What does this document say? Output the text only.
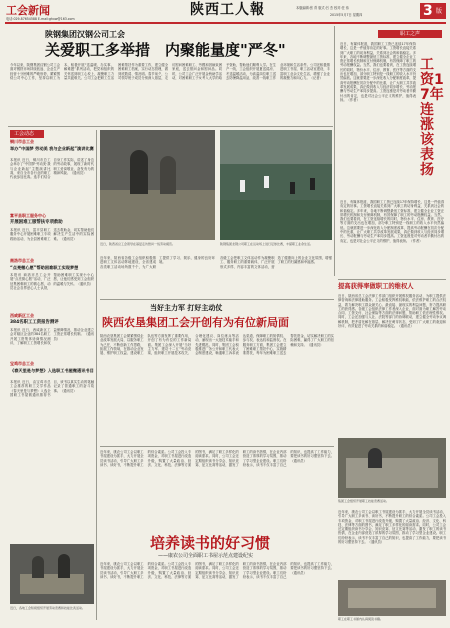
工会新闻	陕西工人報	本版编辑:张 青 版式:吕 杰 校对:任 伟
2015年5月7日 星期四	3 版
电话:029-87654588 E-mail:ghxw@163.com
陕钢集团汉钢公司工会
关爱职工多举措　内聚能量度"严冬"
今年以来，陕钢集团汉钢公司工会面对钢铁市场持续低迷、企业生产经营十分困难的严峻形势，紧紧围绕公司中心工作，坚持以职工为本，积极开展“送温暖、办实事、解难题”系列活动，把党和组织的关怀送到职工心坎上，凝聚职工力量共渡难关。公司工会把职工生活困难帮扶作为重要工作，建立健全困难职工档案，实行动态管理，做到底数清、情况明。春节前夕，公司领导班子成员分别深入基层，走访慰问困难职工、劳模和因病致困家庭，送去慰问金和慰问品。同时，公司工会广泛开展金秋助学活动，对困难职工子女考入大学的给予资助，帮助他们顺利入学。在生产一线，工会组织开展夏送清凉、冬送温暖活动，为高温岗位职工送去防暑降温用品，改善一线职工作业环境和生活条件。公司还积极推进职工书屋、职工活动室建设，丰富职工业余文化生活，增强了企业的凝聚力和向心力。（记者）
职工之声
工资17年连涨该表扬
近日，有媒体报道，我国职工工资已连续17年保持增长，这是一件值得肯定的好事。工资增长直接关系到广大职工的切身利益，关系到社会的和谐稳定。多年来，各地不断调整最低工资标准，建立健全企业工资正常增长机制和支付保障机制，有效保障了职工的劳动报酬权益。当然，我们也要看到，在工资连续增长的同时，物价水平、住房、教育、医疗等方面的支出也在增加，部分职工特别是一线职工的收入水平仍然偏低。这就需要进一步深化收入分配制度改革，提高劳动报酬在初次分配中的比重，让广大职工共享改革发展成果，真正做到收入与经济同步增长、劳动报酬与劳动生产率同步提高。工资连涨是对劳动者辛勤付出的肯定，也是对社会公平正义的维护，值得表扬。（作者）
近日，有媒体报道，我国职工工资已连续17年保持增长，这是一件值得肯定的好事。工资增长直接关系到广大职工的切身利益，关系到社会的和谐稳定。多年来，各地不断调整最低工资标准，建立健全企业工资正常增长机制和支付保障机制，有效保障了职工的劳动报酬权益。当然，我们也要看到，在工资连续增长的同时，物价水平、住房、教育、医疗等方面的支出也在增加，部分职工特别是一线职工的收入水平仍然偏低。这就需要进一步深化收入分配制度改革，提高劳动报酬在初次分配中的比重，让广大职工共享改革发展成果，真正做到收入与经济同步增长、劳动报酬与劳动生产率同步提高。工资连涨是对劳动者辛勤付出的肯定，也是对社会公平正义的维护，值得表扬。（作者）
工会动态
铜川市总工会
举办“中国梦 劳动美 我与企业新起”演讲比赛
本报讯 近日，铜川市总工会举办了“中国梦·劳动美·我与企业新起”主题演讲比赛，来自全市各行业的职工代表参加比赛。选手们结合自身工作实际，讲述了身边的劳动故事，展现了新时代职工爱岗敬业、奋发有为的精神风貌。（通讯员）
富平县职工服务中心
开展困难工服帮扶专项救助
本报讯 近日，富平县职工服务中心开展困难职工专项救助活动，为全县困难职工送去救助金，切实帮助他们解决生产生活中的实际困难。（通讯员）
商洛市总工会
“点亮微心愿”帮助困难职工实现梦想
本报讯 商洛市总工会开展“点亮微心愿”活动，广泛征集困难职工的微心愿，动员社会各界爱心人士认领，帮助困难职工实现小小心愿，让他们感受到工会组织的温暖与关怀。（通讯员）
西咸新区工会
384名职工工资报告测评
本报讯 近日，西咸新区工会对辖区企业的384名职工开展工资集体协商情况测评，了解职工工资增长和权益保障情况，推动企业建立工资正常增长机制。（通讯员）
宝鸡市总工会
《春天里是与梦想》入选职工书屋微通讯书目
本报讯 近日，由宝鸡市总工会推荐的职工文学作品《春天里是与梦想》入选全国职工书屋微通讯推荐书目，该书以真实生动的笔触记录了普通职工的奋斗故事。（通讯员）
近日，各地工会积极组织开展劳动竞赛和技能比武活动。
近日，陕西省总工会领导在基层走访慰问一线劳动模范。	陕钢集团龙钢公司职工在运动场上进行足球比赛，丰富职工业余生活。
近年来，陕西省各级工会组织积极推进职工文体活动阵地建设，全省建成各类职工活动场所数千个，为广大职工提供了学习、娱乐、健身的良好环境。
各级工会把职工文体活动作为凝聚职工、服务职工的重要载体，广泛开展形式多样、内容丰富的文体活动，营造了健康向上的企业文化氛围，增强了职工的归属感和幸福感。
提高获得率做职工的维权人
近日，陕西省总工会法律工作部门组织开展维权服务活动，为职工提供法律咨询和法律援助服务。工会积极发挥维权职能，依法维护职工的合法权益，着力解决职工群众最关心、最直接、最现实的利益问题，努力提高职工的获得感。各级工会组织法律工作者深入企业，面对面为职工解答劳动合同、工资支付、社会保险等方面的法律问题，帮助职工依法理性维权。同时，工会还加强与人社、法院等部门的协调联动，建立健全劳动争议调解机制，把矛盾化解在基层、解决在萌芽状态，受到了广大职工的欢迎和好评，有效促进了劳动关系的和谐稳定。（通讯员）
当好主力军 打好主动仗
陕西农垦集团工会开创有为有位新局面
陕西农垦集团工会紧紧围绕企业改革发展大局，以服务职工为己任，不断创新工作思路，拓展工作领域，在推动企业发展、维护职工权益、建设职工队伍等方面发挥了重要作用，开创了有为有位的工作新局面。集团工会深入开展“当好主力军、建功十二五”劳动竞赛，组织职工开展技术攻关、合理化建议、岗位练兵等活动，涌现出一大批技术能手和先进模范。同时，集团工会积极推进厂务公开和职工代表大会制度建设，畅通职工诉求表达渠道，保障职工的知情权、参与权、表达权和监督权。在服务职工方面，集团工会建立了困难职工帮扶中心，实施精准帮扶，每年为困难职工送去帮扶资金，切实解决职工的实际困难，赢得了广大职工的信赖和支持。（通讯员）
集团工会组织开展职工技能竞赛活动。
近年来，康农公司工会以职工书屋建设为抓手，大力开展全员读书活动，引导广大职工多读书、读好书，不断提升职工的综合素质。公司工会投入专项资金，对职工书屋进行改造升级，购置了大量政治、经济、文化、科技、法律等方面的图书，满足了职工多样化的阅读需求。同时，公司工会还定期组织读书分享会、知识竞赛、征文比赛等活动，激发了职工的读书热情，在企业内部营造了浓厚的学习氛围，推动了学习型企业建设。职工们纷纷表示，读书不仅丰富了自己的知识，也提高了工作能力，要把读书的好习惯坚持下去。（通讯员）
培养读书的好习惯
——康农公司全面职工书屋示范点建设纪实
近年来，康农公司工会以职工书屋建设为抓手，大力开展全员读书活动，引导广大职工多读书、读好书，不断提升职工的综合素质。公司工会投入专项资金，对职工书屋进行改造升级，购置了大量政治、经济、文化、科技、法律等方面的图书，满足了职工多样化的阅读需求。同时，公司工会还定期组织读书分享会、知识竞赛、征文比赛等活动，激发了职工的读书热情，在企业内部营造了浓厚的学习氛围，推动了学习型企业建设。职工们纷纷表示，读书不仅丰富了自己的知识，也提高了工作能力，要把读书的好习惯坚持下去。（通讯员）
近年来，康农公司工会以职工书屋建设为抓手，大力开展全员读书活动，引导广大职工多读书、读好书，不断提升职工的综合素质。公司工会投入专项资金，对职工书屋进行改造升级，购置了大量政治、经济、文化、科技、法律等方面的图书，满足了职工多样化的阅读需求。同时，公司工会还定期组织读书分享会、知识竞赛、征文比赛等活动，激发了职工的读书热情，在企业内部营造了浓厚的学习氛围，推动了学习型企业建设。职工们纷纷表示，读书不仅丰富了自己的知识，也提高了工作能力，要把读书的好习惯坚持下去。（通讯员）
职工在职工书屋内认真阅读书籍。
